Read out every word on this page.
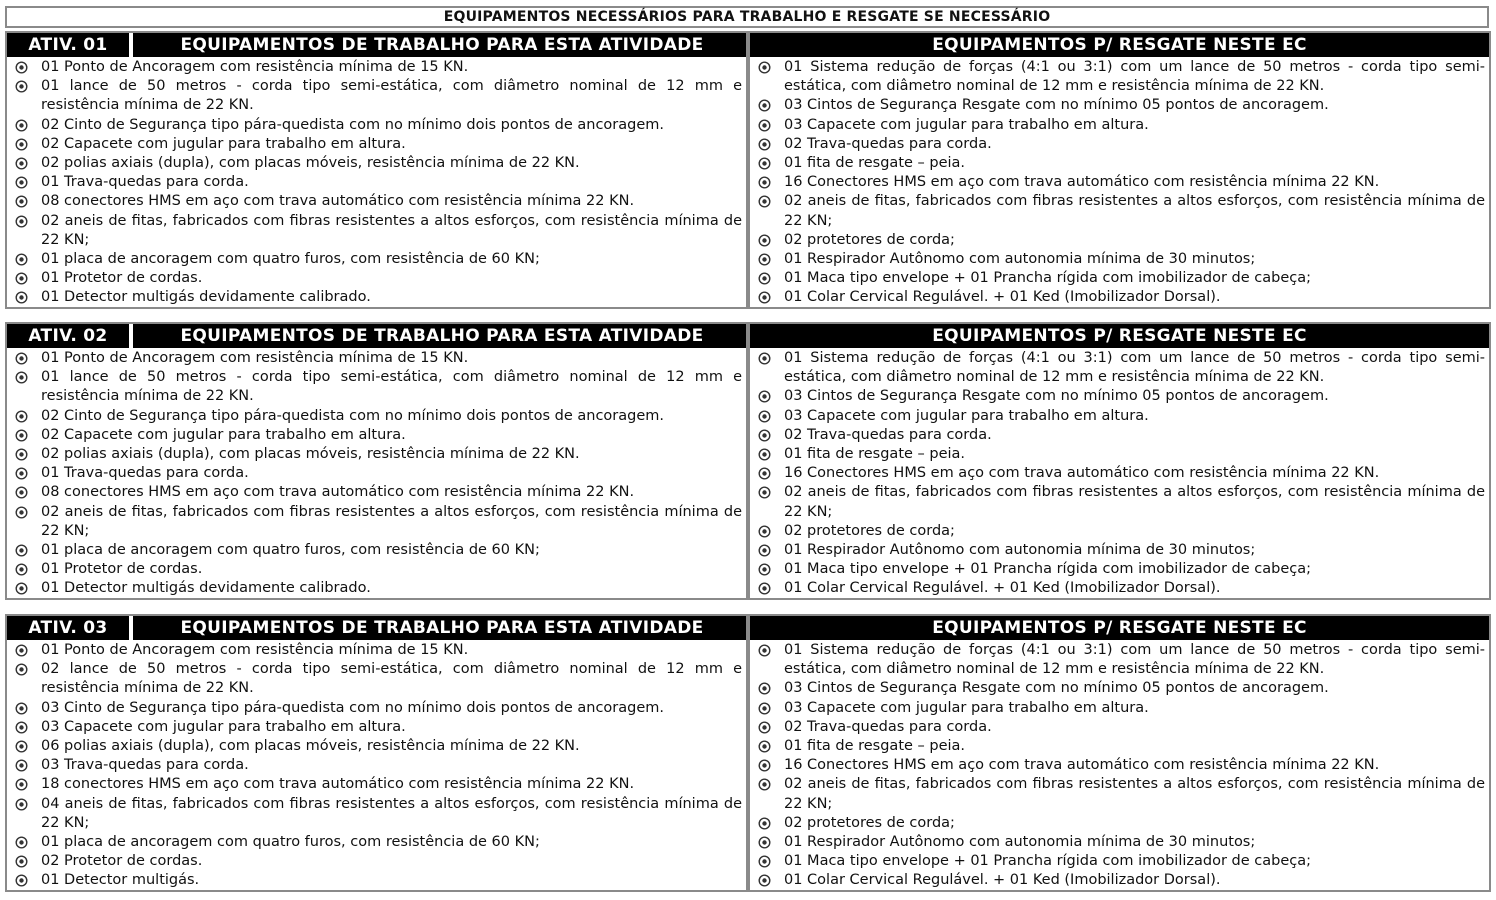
EQUIPAMENTOS NECESSÁRIOS PARA TRABALHO E RESGATE SE NECESSÁRIO
ATIV. 01	EQUIPAMENTOS DE TRABALHO PARA ESTA ATIVIDADE
01 Ponto de Ancoragem com resistência mínima de 15 KN.
01 lance de 50 metros - corda tipo semi-estática, com diâmetro nominal de 12 mm e resistência mínima de 22 KN.
02 Cinto de Segurança tipo pára-quedista com no mínimo dois pontos de ancoragem.
02 Capacete com jugular para trabalho em altura.
02 polias axiais (dupla), com placas móveis, resistência mínima de 22 KN.
01 Trava-quedas para corda.
08 conectores HMS em aço com trava automático com resistência mínima 22 KN.
02 aneis de fitas, fabricados com fibras resistentes a altos esforços, com resistência mínima de 22 KN;
01 placa de ancoragem com quatro furos, com resistência de 60 KN;
01 Protetor de cordas.
01 Detector multigás devidamente calibrado.
EQUIPAMENTOS P/ RESGATE NESTE EC
01 Sistema redução de forças (4:1 ou 3:1) com um lance de 50 metros - corda tipo semi-estática, com diâmetro nominal de 12 mm e resistência mínima de 22 KN.
03 Cintos de Segurança Resgate com no mínimo 05 pontos de ancoragem.
03 Capacete com jugular para trabalho em altura.
02 Trava-quedas para corda.
01 fita de resgate – peia.
16 Conectores HMS em aço com trava automático com resistência mínima 22 KN.
02 aneis de fitas, fabricados com fibras resistentes a altos esforços, com resistência mínima de 22 KN;
02 protetores de corda;
01 Respirador Autônomo com autonomia mínima de 30 minutos;
01 Maca tipo envelope + 01 Prancha rígida com imobilizador de cabeça;
01 Colar Cervical Regulável. + 01 Ked (Imobilizador Dorsal).
ATIV. 02	EQUIPAMENTOS DE TRABALHO PARA ESTA ATIVIDADE
01 Ponto de Ancoragem com resistência mínima de 15 KN.
01 lance de 50 metros - corda tipo semi-estática, com diâmetro nominal de 12 mm e resistência mínima de 22 KN.
02 Cinto de Segurança tipo pára-quedista com no mínimo dois pontos de ancoragem.
02 Capacete com jugular para trabalho em altura.
02 polias axiais (dupla), com placas móveis, resistência mínima de 22 KN.
01 Trava-quedas para corda.
08 conectores HMS em aço com trava automático com resistência mínima 22 KN.
02 aneis de fitas, fabricados com fibras resistentes a altos esforços, com resistência mínima de 22 KN;
01 placa de ancoragem com quatro furos, com resistência de 60 KN;
01 Protetor de cordas.
01 Detector multigás devidamente calibrado.
EQUIPAMENTOS P/ RESGATE NESTE EC
01 Sistema redução de forças (4:1 ou 3:1) com um lance de 50 metros - corda tipo semi-estática, com diâmetro nominal de 12 mm e resistência mínima de 22 KN.
03 Cintos de Segurança Resgate com no mínimo 05 pontos de ancoragem.
03 Capacete com jugular para trabalho em altura.
02 Trava-quedas para corda.
01 fita de resgate – peia.
16 Conectores HMS em aço com trava automático com resistência mínima 22 KN.
02 aneis de fitas, fabricados com fibras resistentes a altos esforços, com resistência mínima de 22 KN;
02 protetores de corda;
01 Respirador Autônomo com autonomia mínima de 30 minutos;
01 Maca tipo envelope + 01 Prancha rígida com imobilizador de cabeça;
01 Colar Cervical Regulável. + 01 Ked (Imobilizador Dorsal).
ATIV. 03	EQUIPAMENTOS DE TRABALHO PARA ESTA ATIVIDADE
01 Ponto de Ancoragem com resistência mínima de 15 KN.
02 lance de 50 metros - corda tipo semi-estática, com diâmetro nominal de 12 mm e resistência mínima de 22 KN.
03 Cinto de Segurança tipo pára-quedista com no mínimo dois pontos de ancoragem.
03 Capacete com jugular para trabalho em altura.
06 polias axiais (dupla), com placas móveis, resistência mínima de 22 KN.
03 Trava-quedas para corda.
18 conectores HMS em aço com trava automático com resistência mínima 22 KN.
04 aneis de fitas, fabricados com fibras resistentes a altos esforços, com resistência mínima de 22 KN;
01 placa de ancoragem com quatro furos, com resistência de 60 KN;
02 Protetor de cordas.
01 Detector multigás.
EQUIPAMENTOS P/ RESGATE NESTE EC
01 Sistema redução de forças (4:1 ou 3:1) com um lance de 50 metros - corda tipo semi-estática, com diâmetro nominal de 12 mm e resistência mínima de 22 KN.
03 Cintos de Segurança Resgate com no mínimo 05 pontos de ancoragem.
03 Capacete com jugular para trabalho em altura.
02 Trava-quedas para corda.
01 fita de resgate – peia.
16 Conectores HMS em aço com trava automático com resistência mínima 22 KN.
02 aneis de fitas, fabricados com fibras resistentes a altos esforços, com resistência mínima de 22 KN;
02 protetores de corda;
01 Respirador Autônomo com autonomia mínima de 30 minutos;
01 Maca tipo envelope + 01 Prancha rígida com imobilizador de cabeça;
01 Colar Cervical Regulável. + 01 Ked (Imobilizador Dorsal).
